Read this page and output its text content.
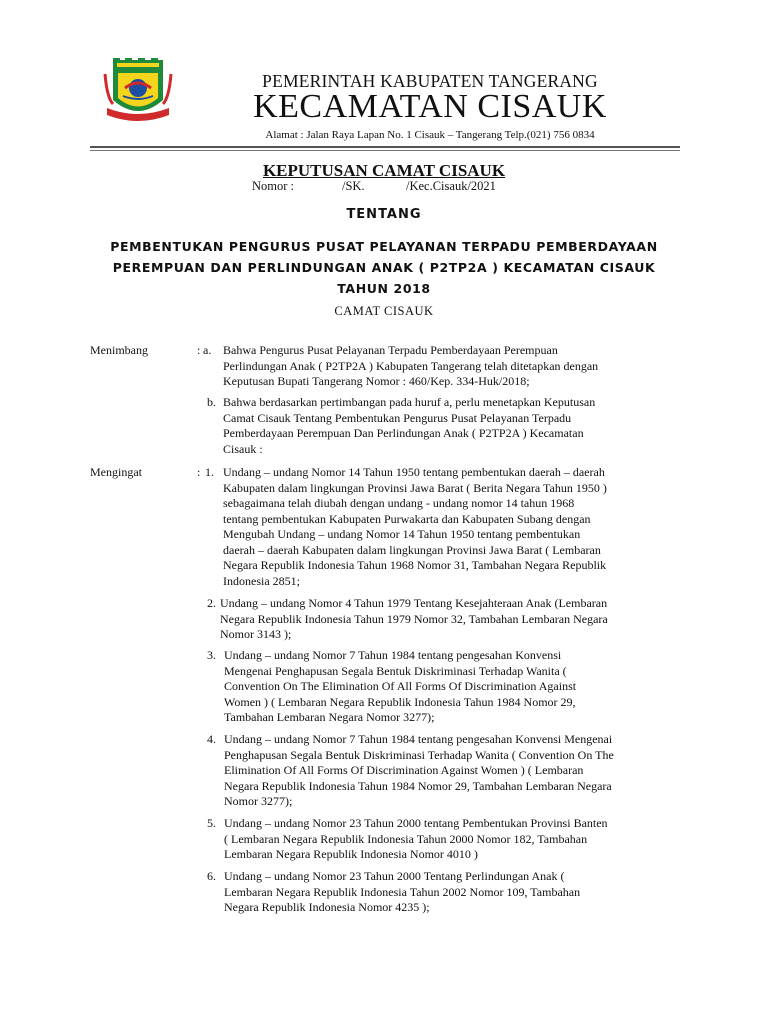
PEMERINTAH KABUPATEN TANGERANG
KECAMATAN CISAUK
Alamat : Jalan Raya Lapan No. 1 Cisauk – Tangerang Telp.(021) 756 0834
KEPUTUSAN CAMAT CISAUK
Nomor :	/SK.	/Kec.Cisauk/2021
TENTANG
PEMBENTUKAN PENGURUS PUSAT PELAYANAN TERPADU PEMBERDAYAAN
PEREMPUAN DAN PERLINDUNGAN ANAK ( P2TP2A ) KECAMATAN CISAUK
TAHUN 2018
CAMAT CISAUK
Menimbang	: a. Bahwa Pengurus Pusat Pelayanan Terpadu Pemberdayaan Perempuan
Perlindungan Anak ( P2TP2A ) Kabupaten Tangerang telah ditetapkan dengan
Keputusan Bupati Tangerang Nomor : 460/Kep. 334-Huk/2018;
b. Bahwa berdasarkan pertimbangan pada huruf a, perlu menetapkan Keputusan
Camat Cisauk Tentang Pembentukan Pengurus Pusat Pelayanan Terpadu
Pemberdayaan Perempuan Dan Perlindungan Anak ( P2TP2A ) Kecamatan
Cisauk :
Mengingat	: 1. Undang – undang Nomor 14 Tahun 1950 tentang pembentukan daerah – daerah
Kabupaten dalam lingkungan Provinsi Jawa Barat ( Berita Negara Tahun 1950 )
sebagaimana telah diubah dengan undang - undang nomor 14 tahun 1968
tentang pembentukan Kabupaten Purwakarta dan Kabupaten Subang dengan
Mengubah Undang – undang Nomor 14 Tahun 1950 tentang pembentukan
daerah – daerah Kabupaten dalam lingkungan Provinsi Jawa Barat ( Lembaran
Negara Republik Indonesia Tahun 1968 Nomor 31, Tambahan Negara Republik
Indonesia 2851;
2. Undang – undang Nomor 4 Tahun 1979 Tentang Kesejahteraan Anak (Lembaran
Negara Republik Indonesia Tahun 1979 Nomor 32, Tambahan Lembaran Negara
Nomor 3143 );
3. Undang – undang Nomor 7 Tahun 1984 tentang pengesahan Konvensi
Mengenai Penghapusan Segala Bentuk Diskriminasi Terhadap Wanita (
Convention On The Elimination Of All Forms Of Discrimination Against
Women ) ( Lembaran Negara Republik Indonesia Tahun 1984 Nomor 29,
Tambahan Lembaran Negara Nomor 3277);
4. Undang – undang Nomor 7 Tahun 1984 tentang pengesahan Konvensi Mengenai
Penghapusan Segala Bentuk Diskriminasi Terhadap Wanita ( Convention On The
Elimination Of All Forms Of Discrimination Against Women ) ( Lembaran
Negara Republik Indonesia Tahun 1984 Nomor 29, Tambahan Lembaran Negara
Nomor 3277);
5. Undang – undang Nomor 23 Tahun 2000 tentang Pembentukan Provinsi Banten
( Lembaran Negara Republik Indonesia Tahun 2000 Nomor 182, Tambahan
Lembaran Negara Republik Indonesia Nomor 4010 )
6. Undang – undang Nomor 23 Tahun 2000 Tentang Perlindungan Anak (
Lembaran Negara Republik Indonesia Tahun 2002 Nomor 109, Tambahan
Negara Republik Indonesia Nomor 4235 );
